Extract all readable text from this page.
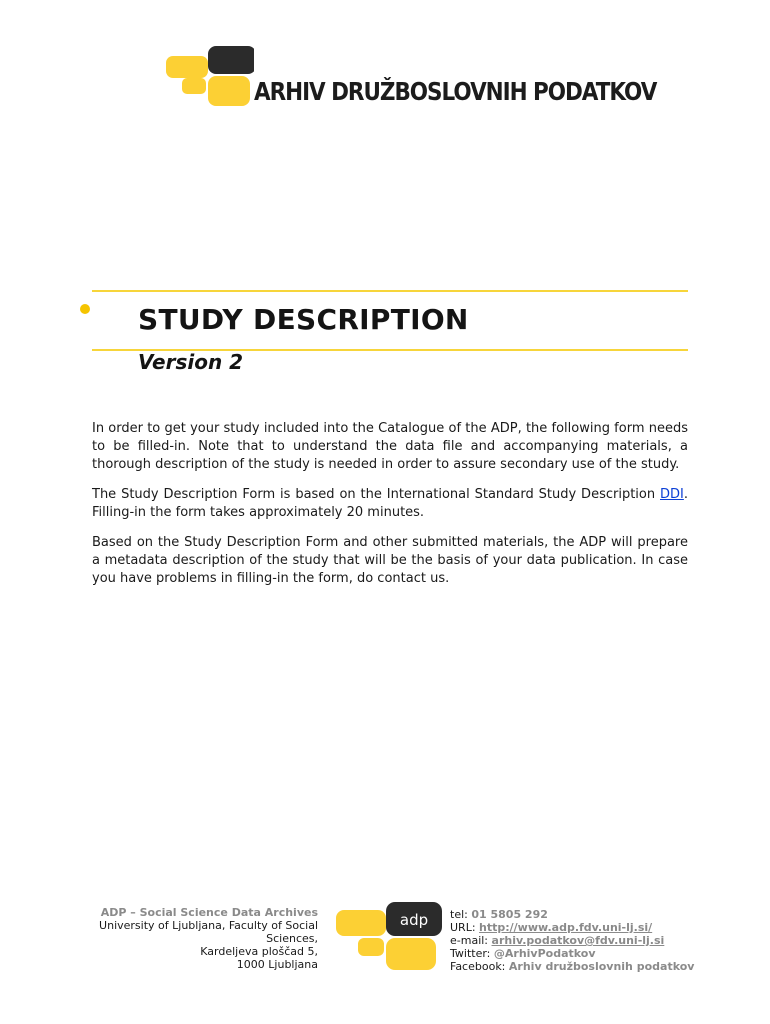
ARHIV DRUŽBOSLOVNIH PODATKOV
STUDY DESCRIPTION
Version 2

In order to get your study included into the Catalogue of the ADP, the following form needs to be filled-in. Note that to understand the data file and accompanying materials, a thorough description of the study is needed in order to assure secondary use of the study.

The Study Description Form is based on the International Standard Study Description DDI. Filling-in the form takes approximately 20 minutes.

Based on the Study Description Form and other submitted materials, the ADP will prepare a metadata description of the study that will be the basis of your data publication. In case you have problems in filling-in the form, do contact us.

ADP – Social Science Data Archives
University of Ljubljana, Faculty of Social
Sciences,
Kardeljeva ploščad 5,
1000 Ljubljana
adp tel: 01 5805 292
URL: http://www.adp.fdv.uni-lj.si/
e-mail: arhiv.podatkov@fdv.uni-lj.si
Twitter: @ArhivPodatkov
Facebook: Arhiv družboslovnih podatkov
